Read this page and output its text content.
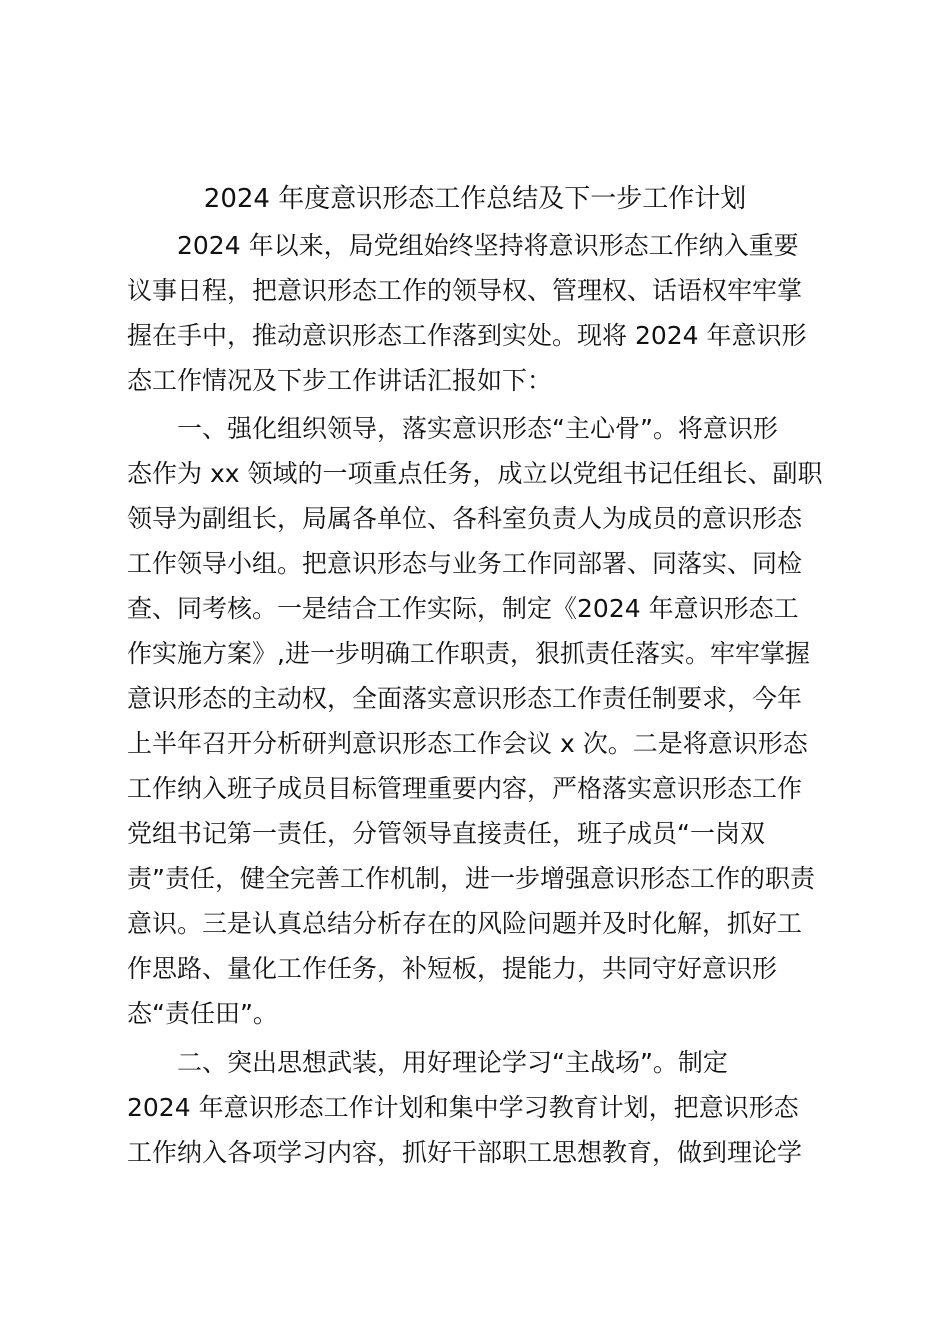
2024 年度意识形态工作总结及下一步工作计划
2024 年以来，局党组始终坚持将意识形态工作纳入重要
议事日程，把意识形态工作的领导权、管理权、话语权牢牢掌
握在手中，推动意识形态工作落到实处。现将 2024 年意识形
态工作情况及下步工作讲话汇报如下：
一、强化组织领导，落实意识形态“主心骨”。将意识形
态作为 xx 领域的一项重点任务，成立以党组书记任组长、副职
领导为副组长，局属各单位、各科室负责人为成员的意识形态
工作领导小组。把意识形态与业务工作同部署、同落实、同检
查、同考核。一是结合工作实际，制定《2024 年意识形态工
作实施方案》,进一步明确工作职责，狠抓责任落实。牢牢掌握
意识形态的主动权，全面落实意识形态工作责任制要求，今年
上半年召开分析研判意识形态工作会议 x 次。二是将意识形态
工作纳入班子成员目标管理重要内容，严格落实意识形态工作
党组书记第一责任，分管领导直接责任，班子成员“一岗双
责”责任，健全完善工作机制，进一步增强意识形态工作的职责
意识。三是认真总结分析存在的风险问题并及时化解，抓好工
作思路、量化工作任务，补短板，提能力，共同守好意识形
态“责任田”。
二、突出思想武装，用好理论学习“主战场”。制定
2024 年意识形态工作计划和集中学习教育计划，把意识形态
工作纳入各项学习内容，抓好干部职工思想教育，做到理论学
